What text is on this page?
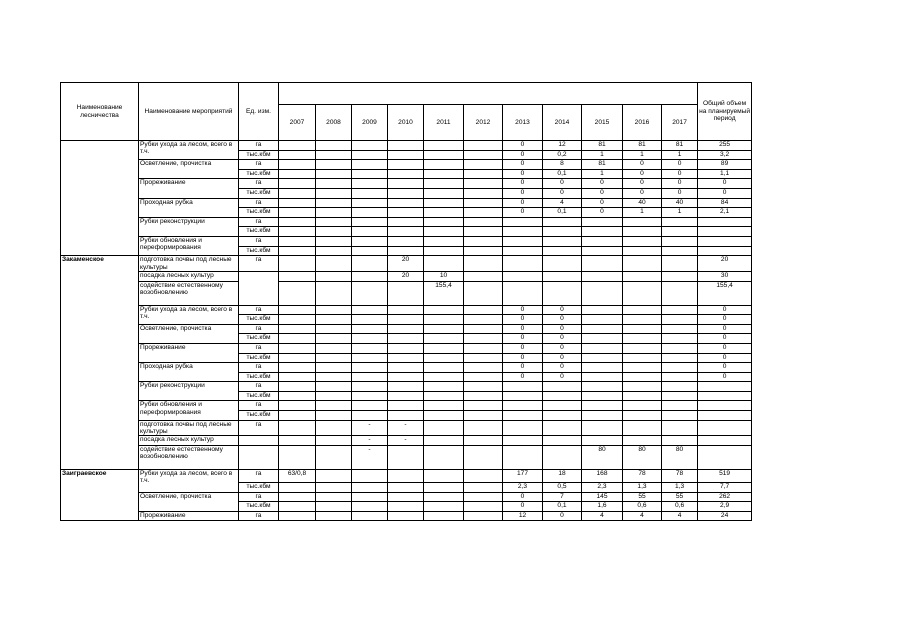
Наименование лесничества	Наименование мероприятий	Ед. изм.												Общий объем на планируемый период
			2007	2008	2009	2010	2011	2012	2013	2014	2015	2016	2017	
	Рубки ухода за лесом, всего в т.ч.	га							0	12	81	81	81	255
		тыс.кбм							0	0,2	1	1	1	3,2
	Осветление, прочистка	га							0	8	81	0	0	89
		тыс.кбм							0	0,1	1	0	0	1,1
	Прореживание	га							0	0	0	0	0	0
		тыс.кбм							0	0	0	0	0	0
	Проходная рубка	га							0	4	0	40	40	84
		тыс.кбм							0	0,1	0	1	1	2,1
	Рубки реконструкции	га												
		тыс.кбм												
	Рубки обновления и переформирования	га												
		тыс.кбм												
Закаменское	подготовка почвы под лесные культуры	га				20								20
	посадка лесных культур					20	10							30
	содействие естественному возобновлению						155,4							155,4
	Рубки ухода за лесом, всего в т.ч.	га							0	0				0
		тыс.кбм							0	0				0
	Осветление, прочистка	га							0	0				0
		тыс.кбм							0	0				0
	Прореживание	га							0	0				0
		тыс.кбм							0	0				0
	Проходная рубка	га							0	0				0
		тыс.кбм							0	0				0
	Рубки реконструкции	га												
		тыс.кбм												
	Рубки обновления и переформирования	га												
		тыс.кбм												
	подготовка почвы под лесные культуры	га			-	-								
	посадка лесных культур				-	-								
	содействие естественному возобновлению				-						80	80	80	
Заиграевское	Рубки ухода за лесом, всего в т.ч.	га	63/0,8						177	18	168	78	78	519
		тыс.кбм							2,3	0,5	2,3	1,3	1,3	7,7
	Осветление, прочистка	га							0	7	145	55	55	262
		тыс.кбм							0	0,1	1,6	0,6	0,6	2,9
	Прореживание	га							12	0	4	4	4	24
